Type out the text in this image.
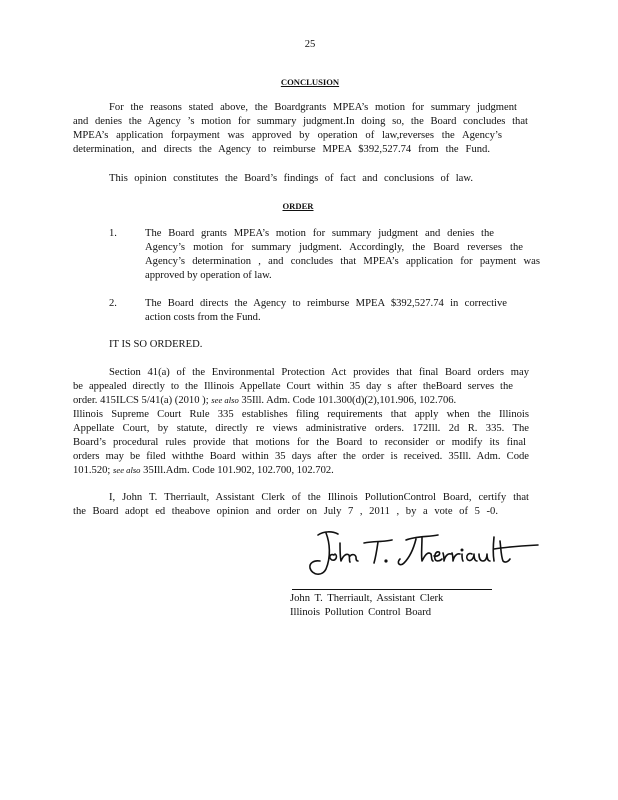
25
CONCLUSION
For the reasons stated above, the Boardgrants MPEA’s motion for summary judgment
and denies the Agency ’s motion for summary judgment.In doing so, the Board concludes that
MPEA’s application forpayment was approved by operation of law,reverses the Agency’s
determination, and directs the Agency to reimburse MPEA $392,527.74 from the Fund.
This opinion constitutes the Board’s findings of fact and conclusions of law.
ORDER
1.	The Board grants MPEA’s motion for summary judgment and denies the
Agency’s motion for summary judgment. Accordingly, the Board reverses the
Agency’s determination , and concludes that MPEA’s application for payment was
approved by operation of law.
2.	The Board directs the Agency to reimburse MPEA $392,527.74 in corrective
action costs from the Fund.
IT IS SO ORDERED.
Section 41(a) of the Environmental Protection Act provides that final Board orders may
be appealed directly to the Illinois Appellate Court within 35 day s after theBoard serves the
order. 415ILCS 5/41(a) (2010 ); see also 35Ill. Adm. Code 101.300(d)(2),101.906, 102.706.
Illinois Supreme Court Rule 335 establishes filing requirements that apply when the Illinois
Appellate Court, by statute, directly re views administrative orders. 172Ill. 2d R. 335. The
Board’s procedural rules provide that motions for the Board to reconsider or modify its final
orders may be filed withthe Board within 35 days after the order is received. 35Ill. Adm. Code
101.520; see also 35Ill.Adm. Code 101.902, 102.700, 102.702.
I, John T. Therriault, Assistant Clerk of the Illinois PollutionControl Board, certify that
the Board adopt ed theabove opinion and order on July 7 , 2011 , by a vote of 5 -0.
John T. Therriault, Assistant Clerk
Illinois Pollution Control Board
